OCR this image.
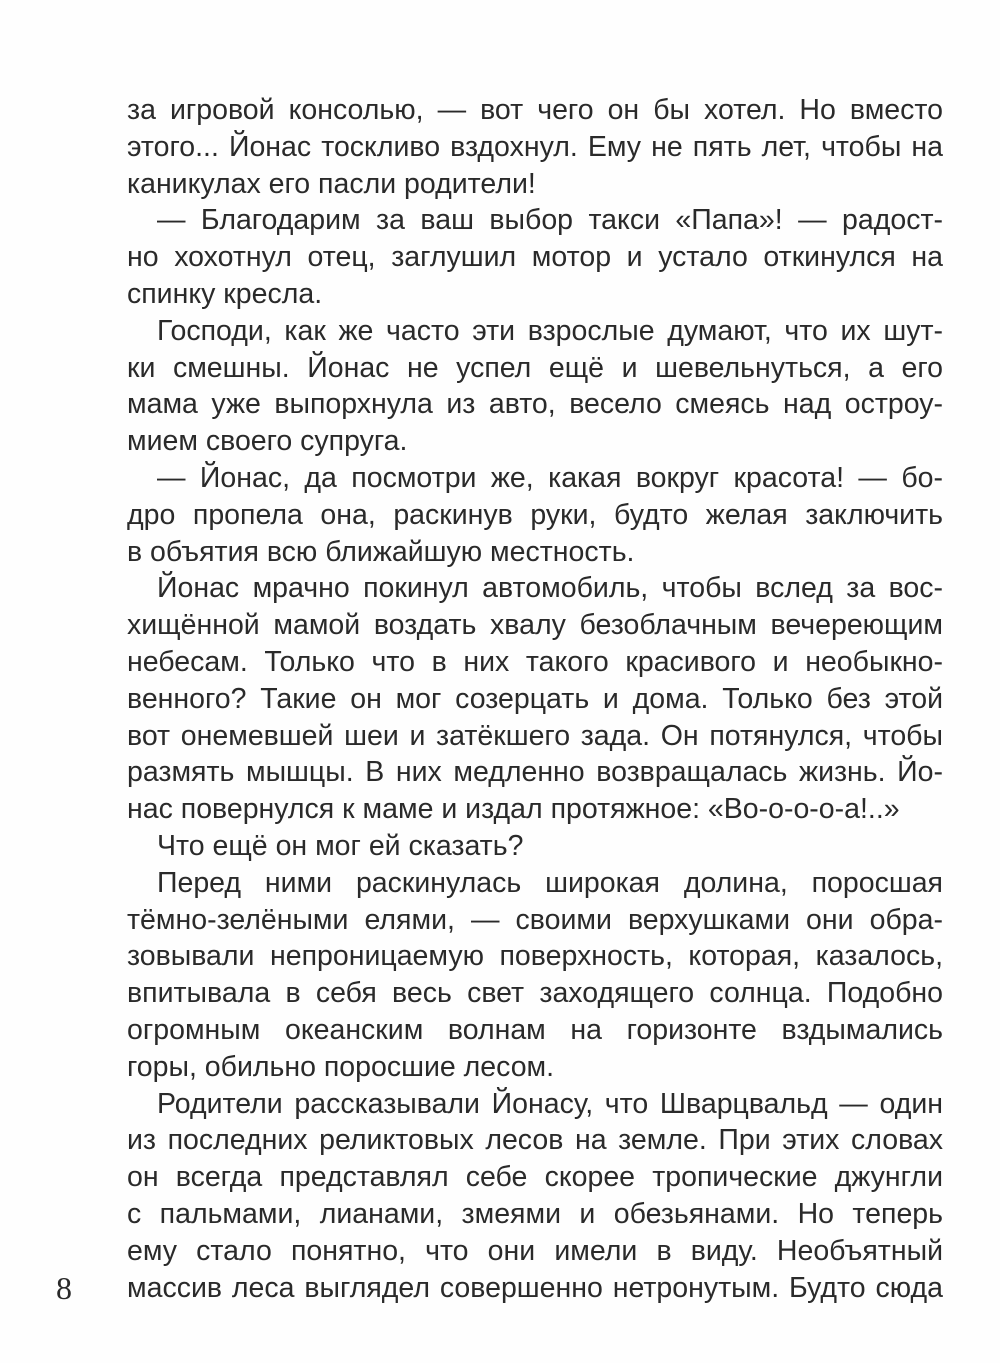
за игровой консолью, — вот чего он бы хотел. Но вместо
этого... Йонас тоскливо вздохнул. Ему не пять лет, чтобы на
каникулах его пасли родители!
— Благодарим за ваш выбор такси «Папа»! — радост-
но хохотнул отец, заглушил мотор и устало откинулся на
спинку кресла.
Господи, как же часто эти взрослые думают, что их шут-
ки смешны. Йонас не успел ещё и шевельнуться, а его
мама уже выпорхнула из авто, весело смеясь над остроу-
мием своего супруга.
— Йонас, да посмотри же, какая вокруг красота! — бо-
дро пропела она, раскинув руки, будто желая заключить
в объятия всю ближайшую местность.
Йонас мрачно покинул автомобиль, чтобы вслед за вос-
хищённой мамой воздать хвалу безоблачным вечереющим
небесам. Только что в них такого красивого и необыкно-
венного? Такие он мог созерцать и дома. Только без этой
вот онемевшей шеи и затёкшего зада. Он потянулся, чтобы
размять мышцы. В них медленно возвращалась жизнь. Йо-
нас повернулся к маме и издал протяжное: «Во-о-о-о-а!..»
Что ещё он мог ей сказать?
Перед ними раскинулась широкая долина, поросшая
тёмно-зелёными елями, — своими верхушками они обра-
зовывали непроницаемую поверхность, которая, казалось,
впитывала в себя весь свет заходящего солнца. Подобно
огромным океанским волнам на горизонте вздымались
горы, обильно поросшие лесом.
Родители рассказывали Йонасу, что Шварцвальд — один
из последних реликтовых лесов на земле. При этих словах
он всегда представлял себе скорее тропические джунгли
с пальмами, лианами, змеями и обезьянами. Но теперь
ему стало понятно, что они имели в виду. Необъятный
массив леса выглядел совершенно нетронутым. Будто сюда
8
